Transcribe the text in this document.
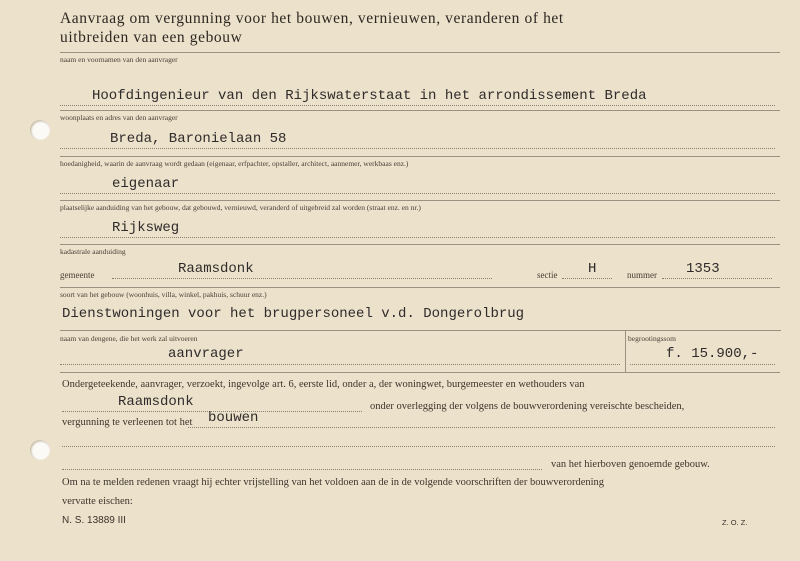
Aanvraag om vergunning voor het bouwen, vernieuwen, veranderen of het
uitbreiden van een gebouw
naam en voornamen van den aanvrager
Hoofdingenieur van den Rijkswaterstaat in het arrondissement Breda
woonplaats en adres van den aanvrager
Breda, Baronielaan 58
hoedanigheid, waarin de aanvraag wordt gedaan (eigenaar, erfpachter, opstaller, architect, aannemer, werkbaas enz.)
eigenaar
plaatselijke aanduiding van het gebouw, dat gebouwd, vernieuwd, veranderd of uitgebreid zal worden (straat enz. en nr.)
Rijksweg
kadastrale aanduiding
gemeente	Raamsdonk	sectie H	nummer 1353
soort van het gebouw (woonhuis, villa, winkel, pakhuis, schuur enz.)
Dienstwoningen voor het brugpersoneel v.d. Dongerolbrug
naam van dengene, die het werk zal uitvoeren
aanvrager
begrootingssom
f. 15.900,-
Ondergeteekende, aanvrager, verzoekt, ingevolge art. 6, eerste lid, onder a, der woningwet, burgemeester en wethouders van
Raamsdonk	onder overlegging der volgens de bouwverordening vereischte bescheiden,
vergunning te verleenen tot het bouwen
van het hierboven genoemde gebouw.
Om na te melden redenen vraagt hij echter vrijstelling van het voldoen aan de in de volgende voorschriften der bouwverordening
vervatte eischen:
N. S. 13889 III	Z. O. Z.
